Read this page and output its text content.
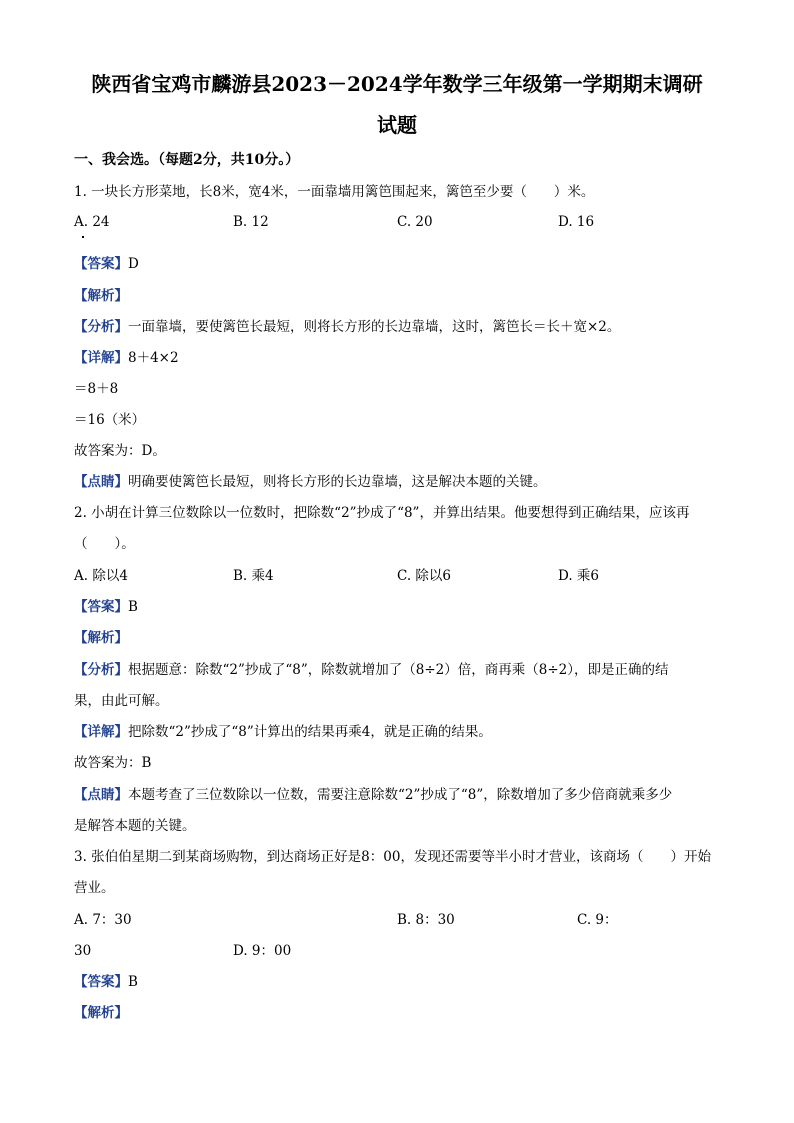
陕西省宝鸡市麟游县2023－2024学年数学三年级第一学期期末调研
试题
一、我会选。（每题2分，共10分。）
1. 一块长方形菜地，长8米，宽4米，一面靠墙用篱笆围起来，篱笆至少要（　　）米。
A. 24	B. 12	C. 20	D. 16
【答案】D
【解析】
【分析】一面靠墙，要使篱笆长最短，则将长方形的长边靠墙，这时，篱笆长＝长＋宽×2。
【详解】8＋4×2
＝8＋8
＝16（米）
故答案为：D。
【点睛】明确要使篱笆长最短，则将长方形的长边靠墙，这是解决本题的关键。
2. 小胡在计算三位数除以一位数时，把除数“2”抄成了“8”，并算出结果。他要想得到正确结果，应该再
（　　）。
A. 除以4	B. 乘4	C. 除以6	D. 乘6
【答案】B
【解析】
【分析】根据题意：除数“2”抄成了“8”，除数就增加了（8÷2）倍，商再乘（8÷2），即是正确的结
果，由此可解。
【详解】把除数“2”抄成了“8”计算出的结果再乘4，就是正确的结果。
故答案为：B
【点睛】本题考查了三位数除以一位数，需要注意除数“2”抄成了“8”，除数增加了多少倍商就乘多少
是解答本题的关键。
3. 张伯伯星期二到某商场购物，到达商场正好是8：00，发现还需要等半小时才营业，该商场（　　）开始
营业。
A. 7：30	B. 8：30	C. 9：
30	D. 9：00
【答案】B
【解析】
